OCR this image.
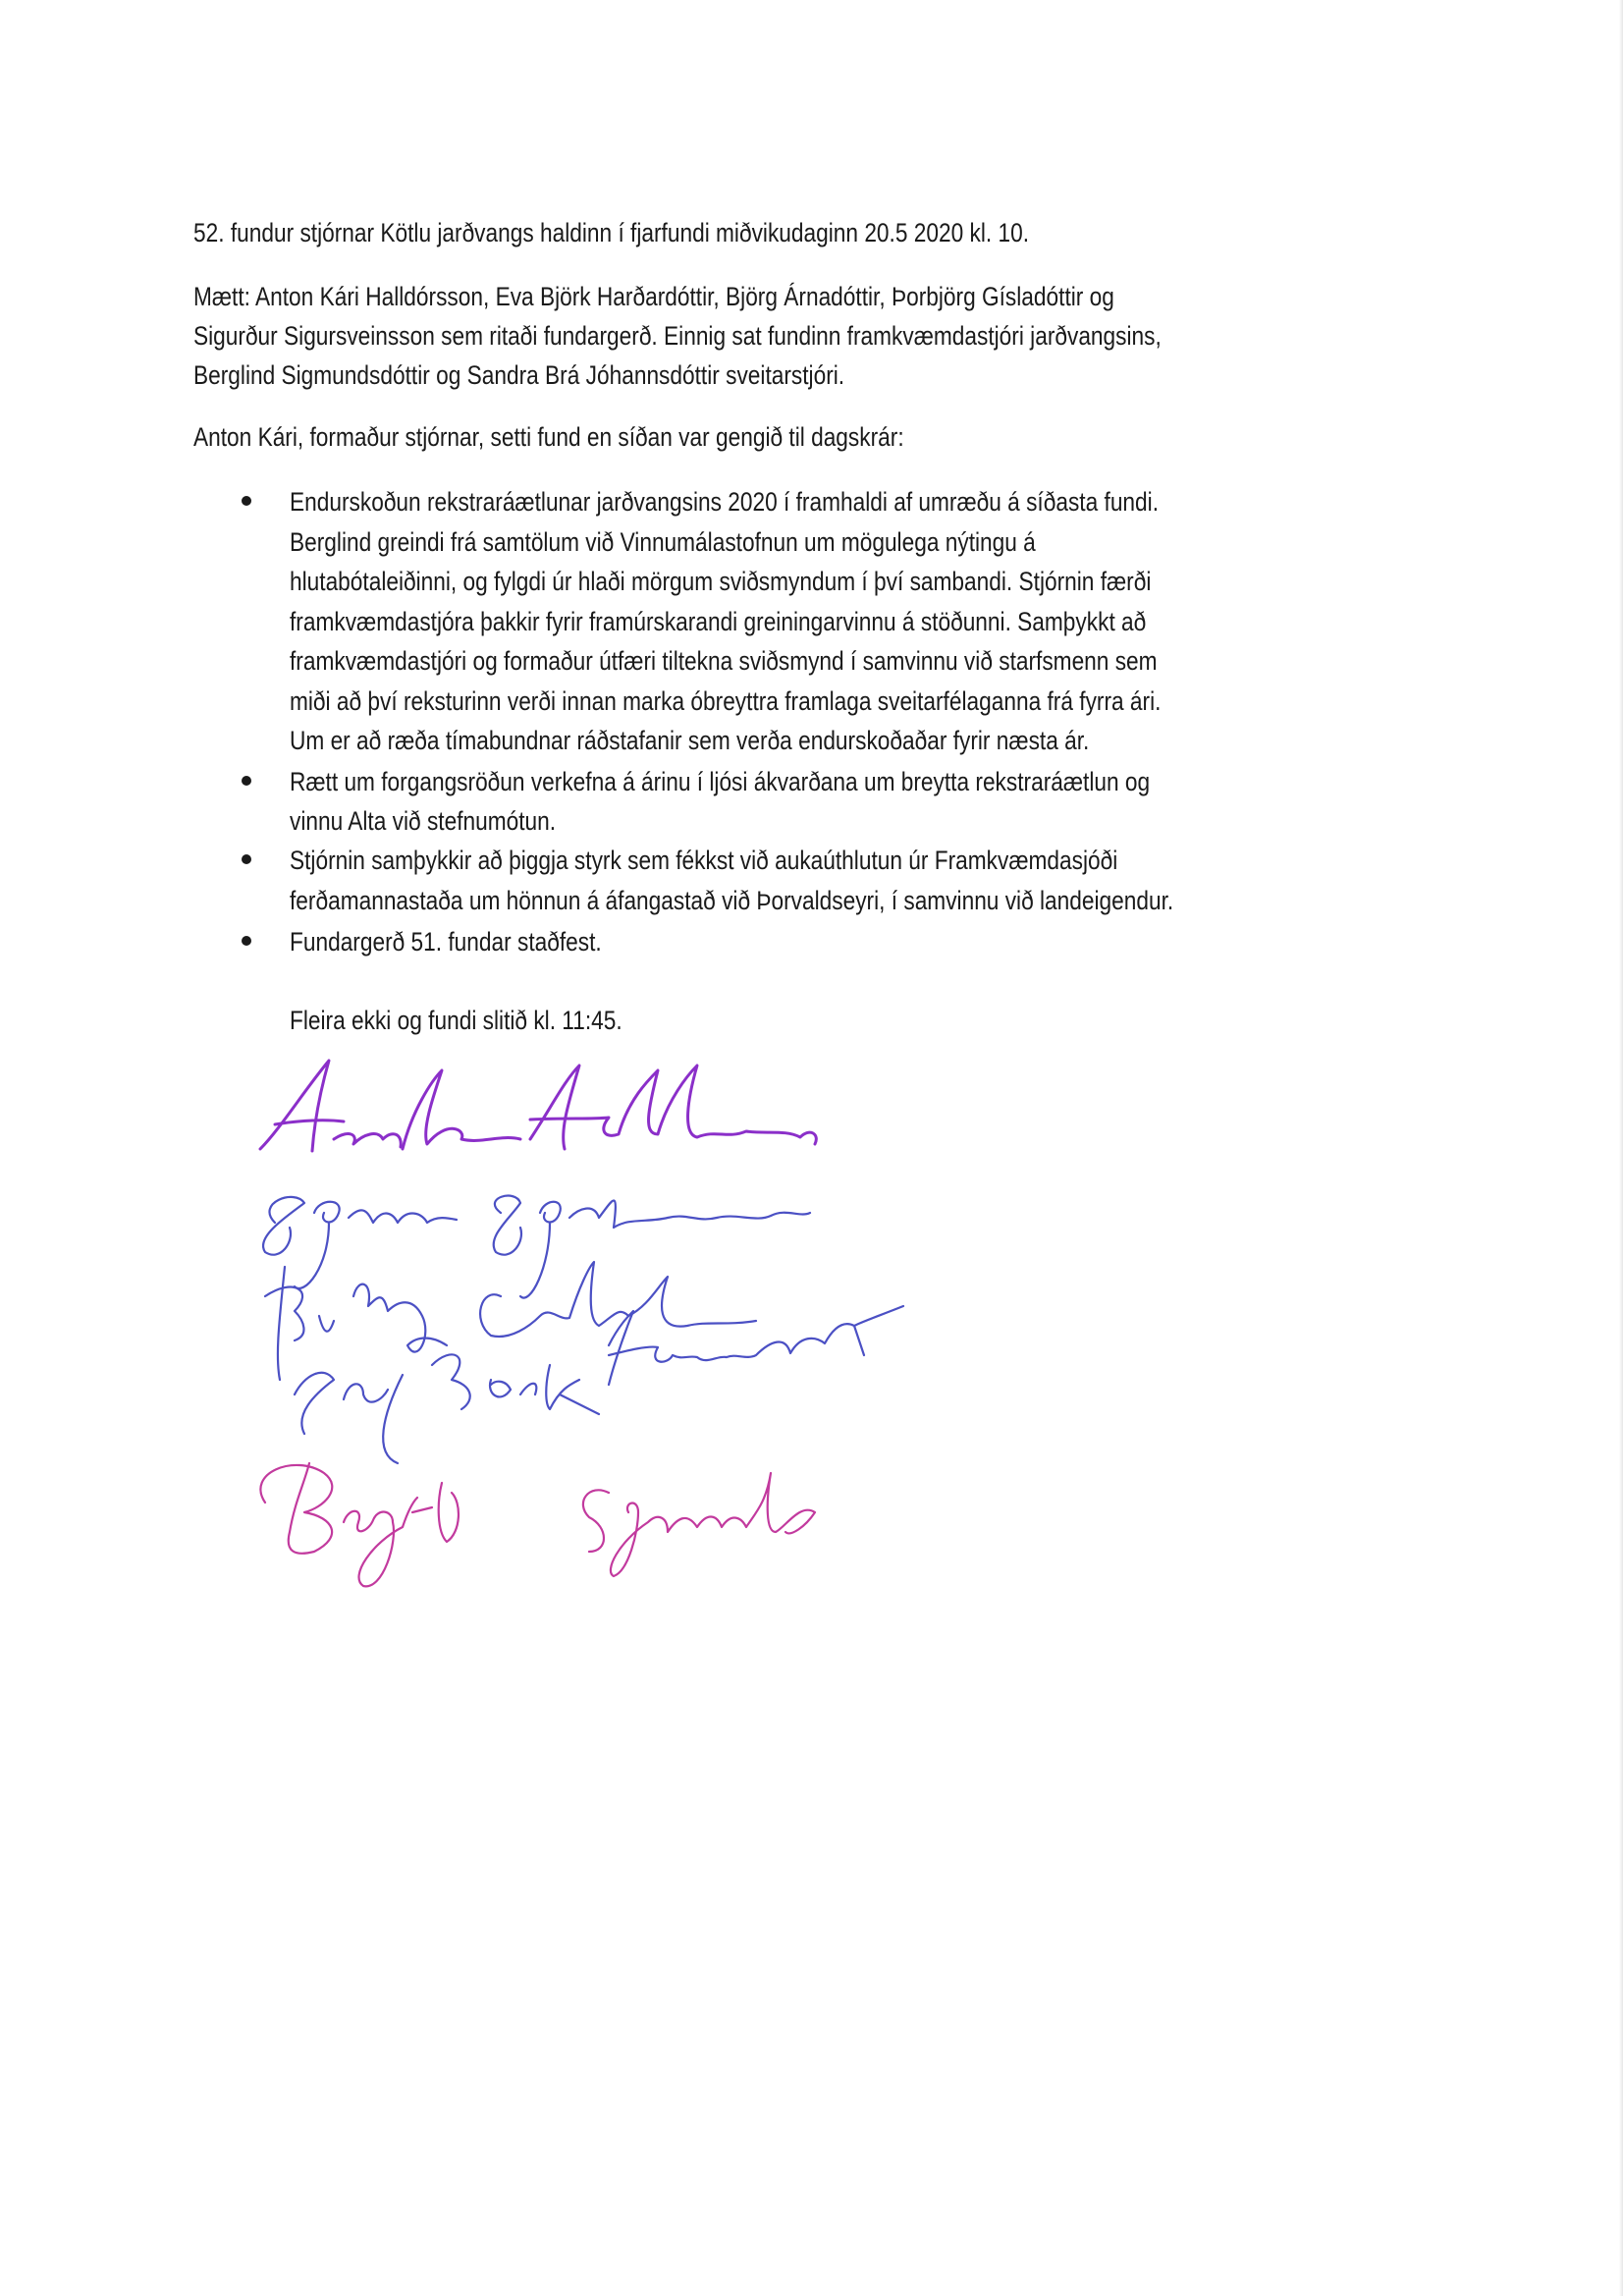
52. fundur stjórnar Kötlu jarðvangs haldinn í fjarfundi miðvikudaginn 20.5 2020 kl. 10.
Mætt: Anton Kári Halldórsson, Eva Björk Harðardóttir, Björg Árnadóttir, Þorbjörg Gísladóttir og
Sigurður Sigursveinsson sem ritaði fundargerð. Einnig sat fundinn framkvæmdastjóri jarðvangsins,
Berglind Sigmundsdóttir og Sandra Brá Jóhannsdóttir sveitarstjóri.
Anton Kári, formaður stjórnar, setti fund en síðan var gengið til dagskrár:
Endurskoðun rekstraráætlunar jarðvangsins 2020 í framhaldi af umræðu á síðasta fundi.
Berglind greindi frá samtölum við Vinnumálastofnun um mögulega nýtingu á
hlutabótaleiðinni, og fylgdi úr hlaði mörgum sviðsmyndum í því sambandi. Stjórnin færði
framkvæmdastjóra þakkir fyrir framúrskarandi greiningarvinnu á stöðunni. Samþykkt að
framkvæmdastjóri og formaður útfæri tiltekna sviðsmynd í samvinnu við starfsmenn sem
miði að því reksturinn verði innan marka óbreyttra framlaga sveitarfélaganna frá fyrra ári.
Um er að ræða tímabundnar ráðstafanir sem verða endurskoðaðar fyrir næsta ár.
Rætt um forgangsröðun verkefna á árinu í ljósi ákvarðana um breytta rekstraráætlun og
vinnu Alta við stefnumótun.
Stjórnin samþykkir að þiggja styrk sem fékkst við aukaúthlutun úr Framkvæmdasjóði
ferðamannastaða um hönnun á áfangastað við Þorvaldseyri, í samvinnu við landeigendur.
Fundargerð 51. fundar staðfest.
Fleira ekki og fundi slitið kl. 11:45.
